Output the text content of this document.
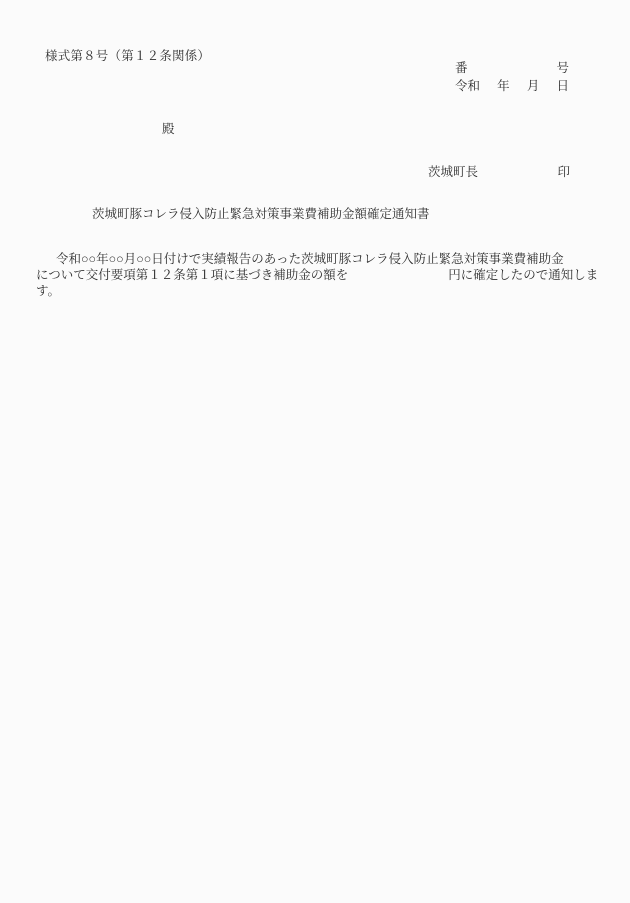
様式第８号（第１２条関係）
番	号
令和 年 月 日
殿
茨城町長	印
茨城町豚コレラ侵入防止緊急対策事業費補助金額確定通知書
令和○○年○○月○○日付けで実績報告のあった茨城町豚コレラ侵入防止緊急対策事業費補助金
について交付要項第１２条第１項に基づき補助金の額を	円に確定したので通知しま
す。
